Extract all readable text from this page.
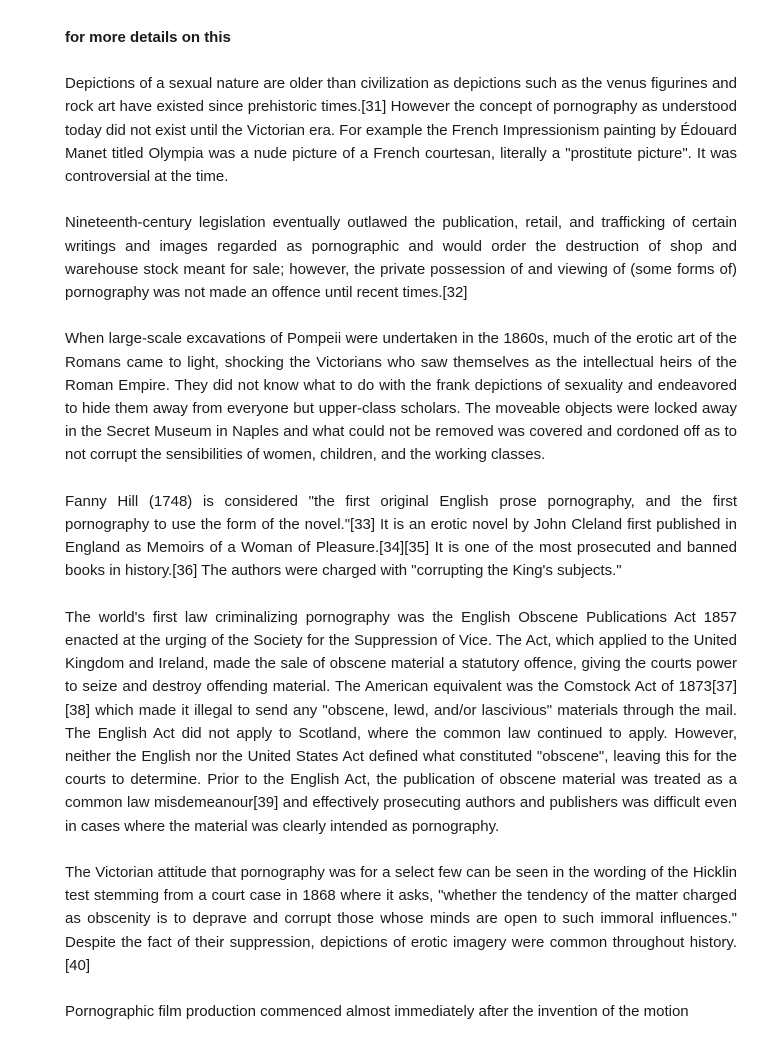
for more details on this

Depictions of a sexual nature are older than civilization as depictions such as the venus figurines and rock art have existed since prehistoric times.[31] However the concept of pornography as understood today did not exist until the Victorian era. For example the French Impressionism painting by Édouard Manet titled Olympia was a nude picture of a French courtesan, literally a "prostitute picture". It was controversial at the time.

Nineteenth-century legislation eventually outlawed the publication, retail, and trafficking of certain writings and images regarded as pornographic and would order the destruction of shop and warehouse stock meant for sale; however, the private possession of and viewing of (some forms of) pornography was not made an offence until recent times.[32]

When large-scale excavations of Pompeii were undertaken in the 1860s, much of the erotic art of the Romans came to light, shocking the Victorians who saw themselves as the intellectual heirs of the Roman Empire. They did not know what to do with the frank depictions of sexuality and endeavored to hide them away from everyone but upper-class scholars. The moveable objects were locked away in the Secret Museum in Naples and what could not be removed was covered and cordoned off as to not corrupt the sensibilities of women, children, and the working classes.

Fanny Hill (1748) is considered "the first original English prose pornography, and the first pornography to use the form of the novel."[33] It is an erotic novel by John Cleland first published in England as Memoirs of a Woman of Pleasure.[34][35] It is one of the most prosecuted and banned books in history.[36] The authors were charged with "corrupting the King's subjects."

The world's first law criminalizing pornography was the English Obscene Publications Act 1857 enacted at the urging of the Society for the Suppression of Vice. The Act, which applied to the United Kingdom and Ireland, made the sale of obscene material a statutory offence, giving the courts power to seize and destroy offending material. The American equivalent was the Comstock Act of 1873[37][38] which made it illegal to send any "obscene, lewd, and/or lascivious" materials through the mail. The English Act did not apply to Scotland, where the common law continued to apply. However, neither the English nor the United States Act defined what constituted "obscene", leaving this for the courts to determine. Prior to the English Act, the publication of obscene material was treated as a common law misdemeanour[39] and effectively prosecuting authors and publishers was difficult even in cases where the material was clearly intended as pornography.

The Victorian attitude that pornography was for a select few can be seen in the wording of the Hicklin test stemming from a court case in 1868 where it asks, "whether the tendency of the matter charged as obscenity is to deprave and corrupt those whose minds are open to such immoral influences." Despite the fact of their suppression, depictions of erotic imagery were common throughout history.[40]

Pornographic film production commenced almost immediately after the invention of the motion
